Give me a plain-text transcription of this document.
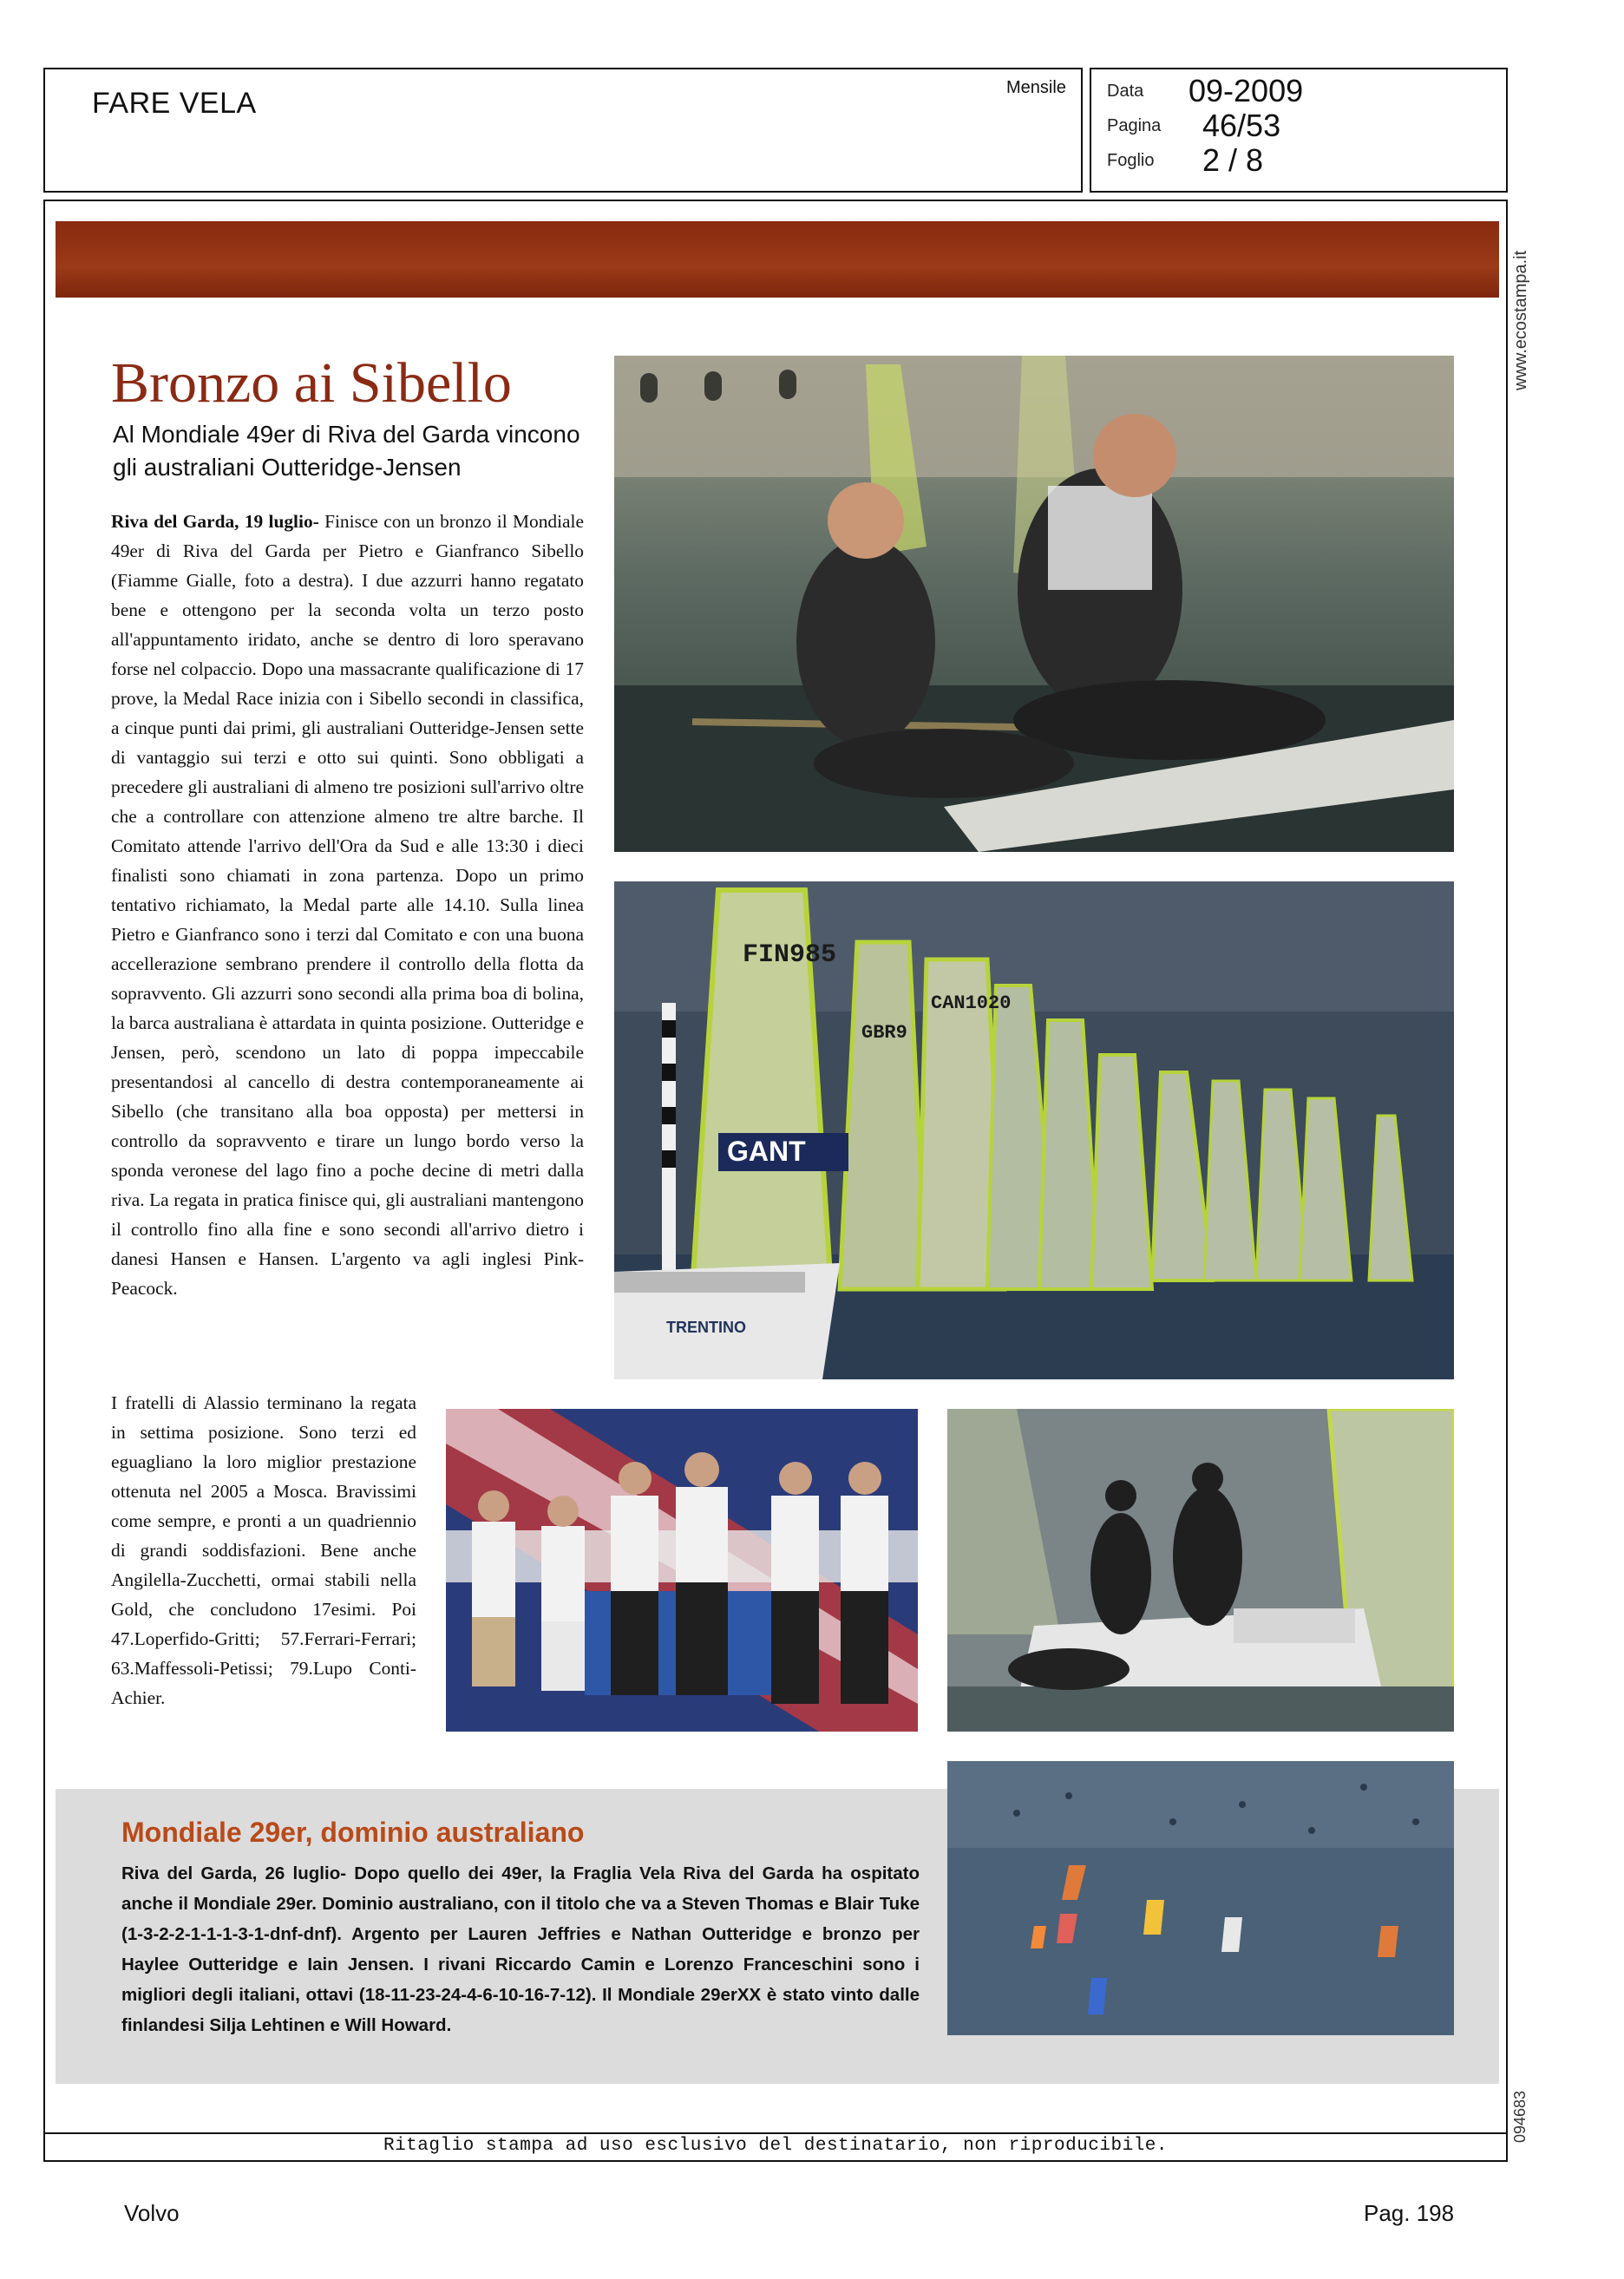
FARE VELA	Mensile Data 09-2009
Pagina 46/53
Foglio 2 / 8
www.ecostampa.it
094683
Bronzo ai Sibello
Al Mondiale 49er di Riva del Garda vincono gli australiani Outteridge-Jensen
Riva del Garda, 19 luglio- Finisce con un bronzo il Mondiale 49er di Riva del Garda per Pietro e Gianfranco Sibello (Fiamme Gialle, foto a destra). I due azzurri hanno regatato bene e ottengono per la seconda volta un terzo posto all'appuntamento iridato, anche se dentro di loro speravano forse nel colpaccio. Dopo una massacrante qualificazione di 17 prove, la Medal Race inizia con i Sibello secondi in classifica, a cinque punti dai primi, gli australiani Outteridge-Jensen sette di vantaggio sui terzi e otto sui quinti. Sono obbligati a precedere gli australiani di almeno tre posizioni sull'arrivo oltre che a controllare con attenzione almeno tre altre barche. Il Comitato attende l'arrivo dell'Ora da Sud e alle 13:30 i dieci finalisti sono chiamati in zona partenza. Dopo un primo tentativo richiamato, la Medal parte alle 14.10. Sulla linea Pietro e Gianfranco sono i terzi dal Comitato e con una buona accellerazione sembrano prendere il controllo della flotta da sopravvento. Gli azzurri sono secondi alla prima boa di bolina, la barca australiana è attardata in quinta posizione. Outteridge e Jensen, però, scendono un lato di poppa impeccabile presentandosi al cancello di destra contemporaneamente ai Sibello (che transitano alla boa opposta) per mettersi in controllo da sopravvento e tirare un lungo bordo verso la sponda veronese del lago fino a poche decine di metri dalla riva. La regata in pratica finisce qui, gli australiani mantengono il controllo fino alla fine e sono secondi all'arrivo dietro i danesi Hansen e Hansen. L'argento va agli inglesi Pink-Peacock.
I fratelli di Alassio terminano la regata in settima posizione. Sono terzi ed eguagliano la loro miglior prestazione ottenuta nel 2005 a Mosca. Bravissimi come sempre, e pronti a un quadriennio di grandi soddisfazioni. Bene anche Angilella-Zucchetti, ormai stabili nella Gold, che concludono 17esimi. Poi 47.Loperfido-Gritti; 57.Ferrari-Ferrari; 63.Maffessoli-Petissi; 79.Lupo Conti-Achier.
FIN985
GBR9
CAN1020
GANT
TRENTINO
Mondiale 29er, dominio australiano
Riva del Garda, 26 luglio- Dopo quello dei 49er, la Fraglia Vela Riva del Garda ha ospitato anche il Mondiale 29er. Dominio australiano, con il titolo che va a Steven Thomas e Blair Tuke (1-3-2-2-1-1-1-3-1-dnf-dnf). Argento per Lauren Jeffries e Nathan Outteridge e bronzo per Haylee Outteridge e Iain Jensen. I rivani Riccardo Camin e Lorenzo Franceschini sono i migliori degli italiani, ottavi (18-11-23-24-4-6-10-16-7-12). Il Mondiale 29erXX è stato vinto dalle finlandesi Silja Lehtinen e Will Howard.
Ritaglio stampa ad uso esclusivo del destinatario, non riproducibile.
Volvo	Pag. 198
